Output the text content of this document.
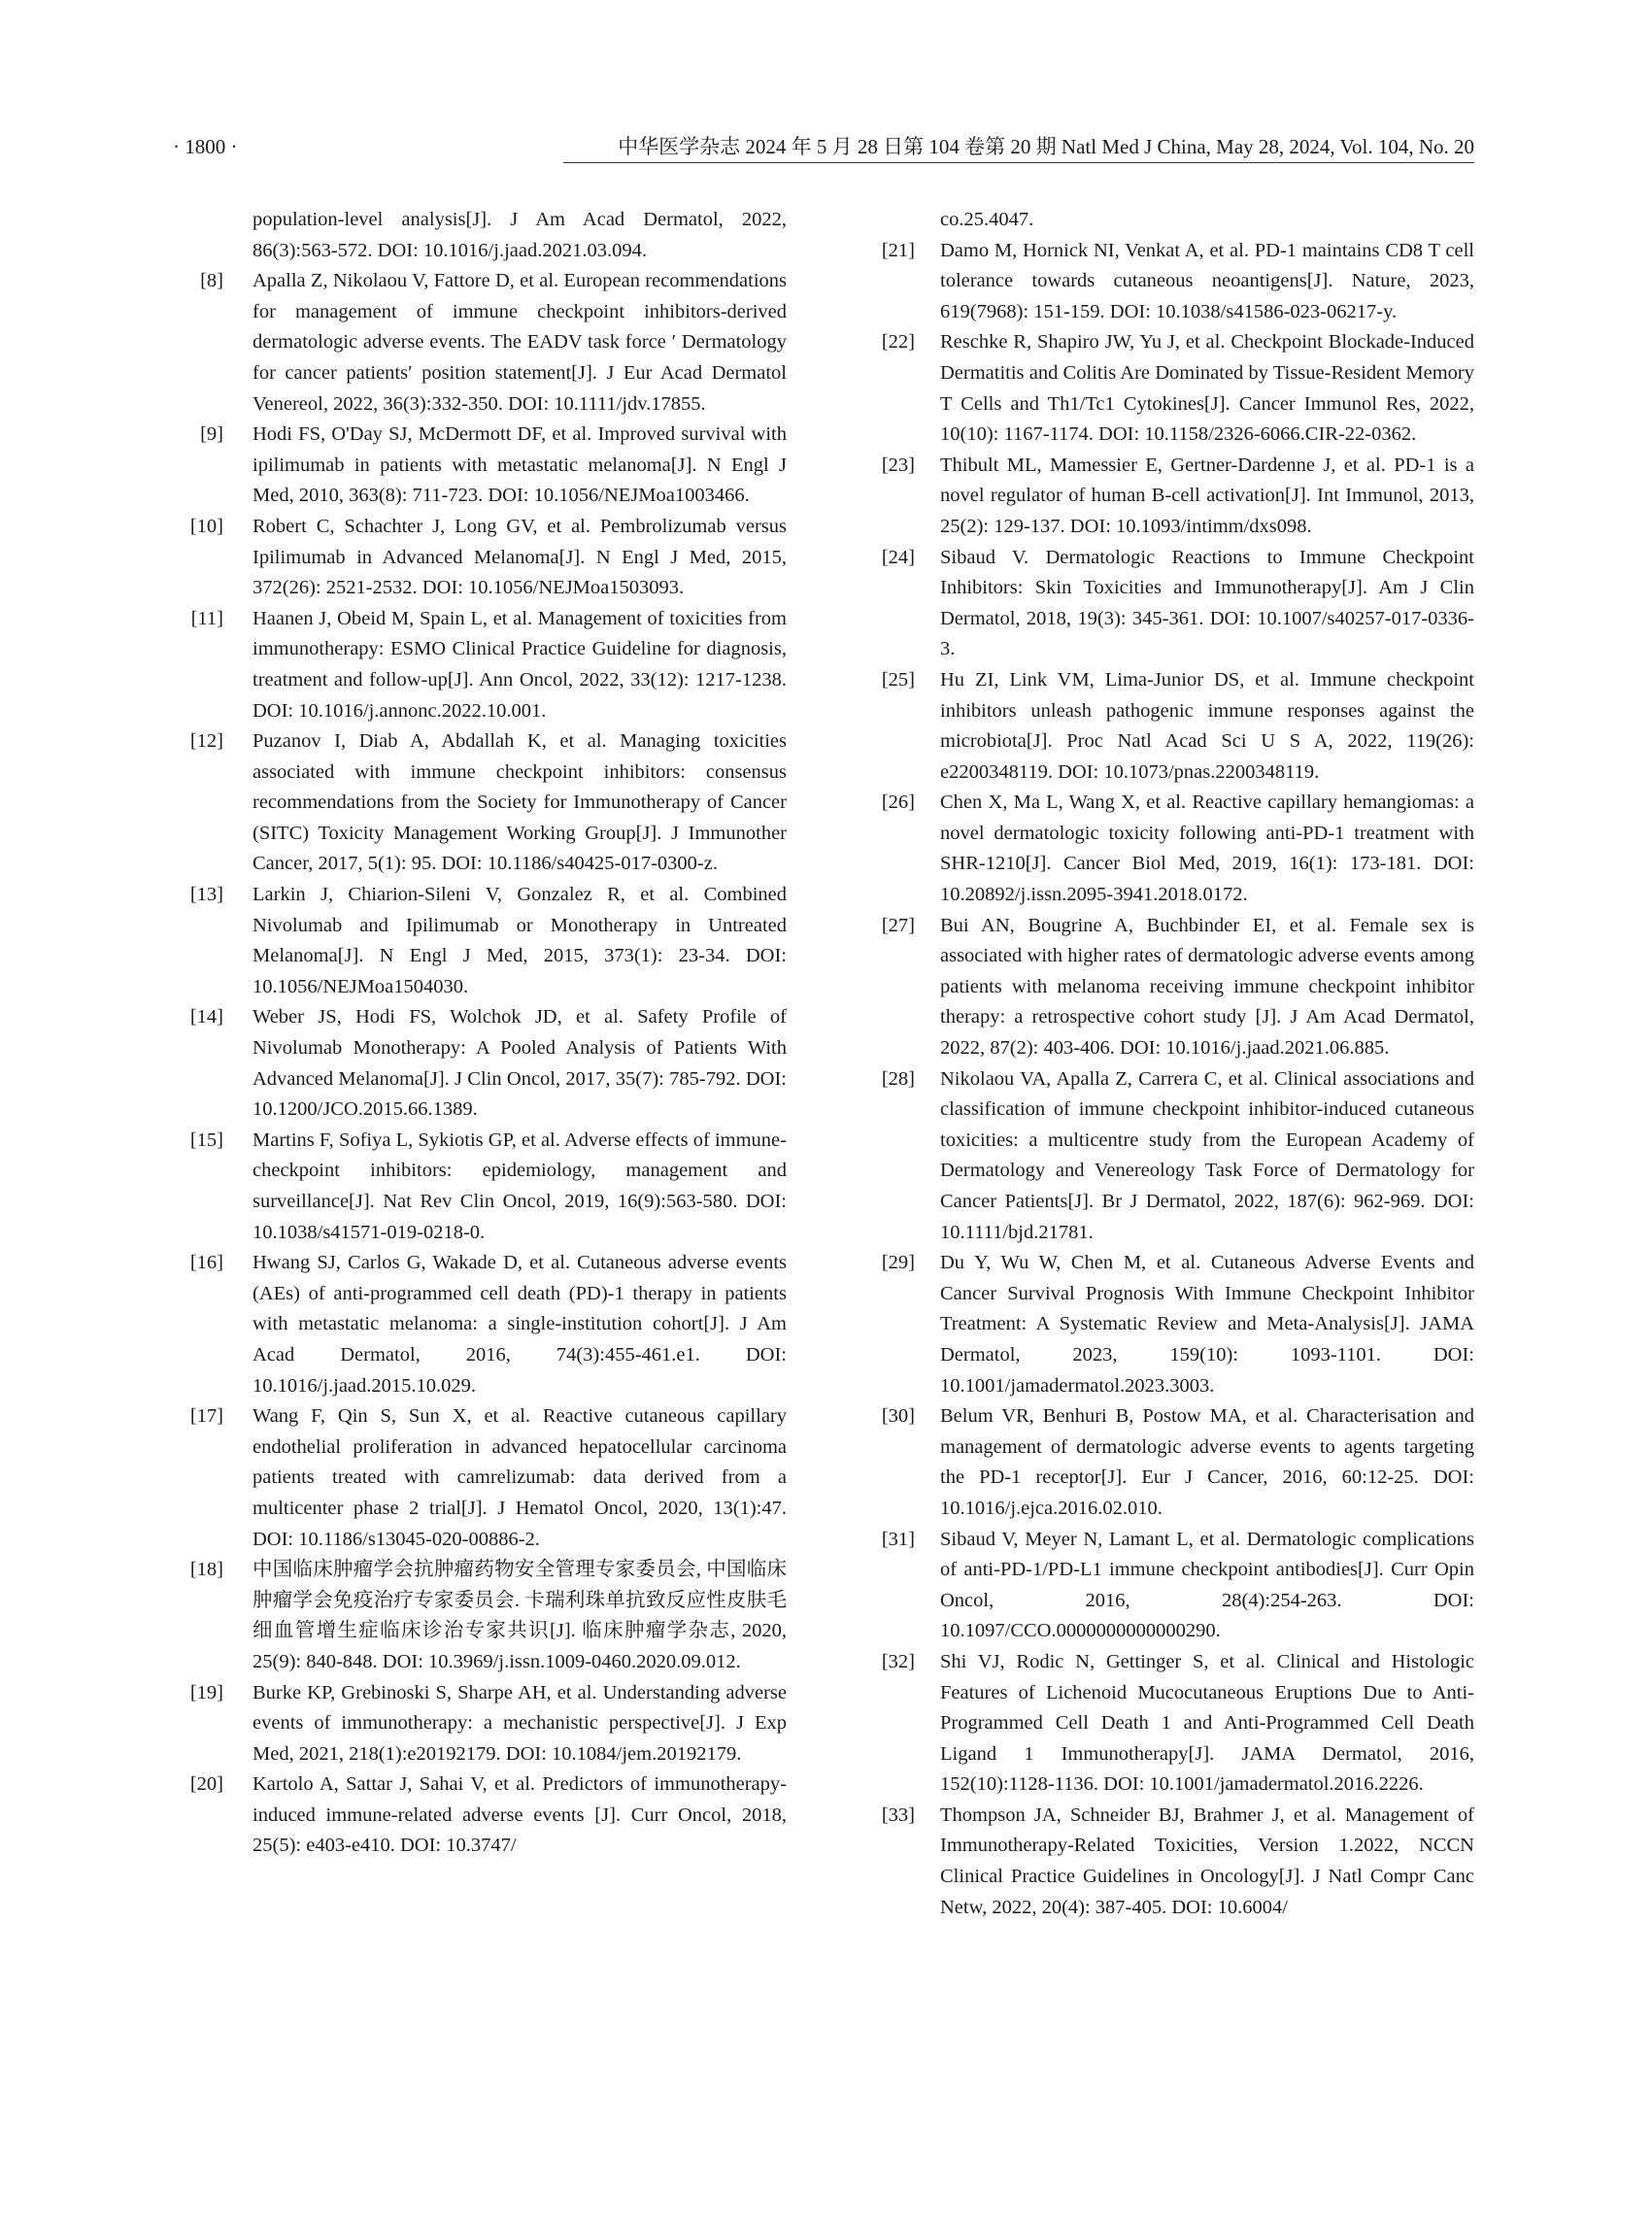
· 1800 ·	中华医学杂志 2024 年 5 月 28 日第 104 卷第 20 期 Natl Med J China, May 28, 2024, Vol. 104, No. 20

population-level analysis[J]. J Am Acad Dermatol, 2022, 86(3):563-572. DOI: 10.1016/j.jaad.2021.03.094.

[8]	Apalla Z, Nikolaou V, Fattore D, et al. European recommendations for management of immune checkpoint inhibitors-derived dermatologic adverse events. The EADV task force ′ Dermatology for cancer patients′ position statement[J]. J Eur Acad Dermatol Venereol, 2022, 36(3):332-350. DOI: 10.1111/jdv.17855.
[9]	Hodi FS, O'Day SJ, McDermott DF, et al. Improved survival with ipilimumab in patients with metastatic melanoma[J]. N Engl J Med, 2010, 363(8): 711-723. DOI: 10.1056/NEJMoa1003466.
[10]	Robert C, Schachter J, Long GV, et al. Pembrolizumab versus Ipilimumab in Advanced Melanoma[J]. N Engl J Med, 2015, 372(26): 2521-2532. DOI: 10.1056/NEJMoa1503093.
[11]	Haanen J, Obeid M, Spain L, et al. Management of toxicities from immunotherapy: ESMO Clinical Practice Guideline for diagnosis, treatment and follow-up[J]. Ann Oncol, 2022, 33(12): 1217-1238. DOI: 10.1016/j.annonc.2022.10.001.
[12]	Puzanov I, Diab A, Abdallah K, et al. Managing toxicities associated with immune checkpoint inhibitors: consensus recommendations from the Society for Immunotherapy of Cancer (SITC) Toxicity Management Working Group[J]. J Immunother Cancer, 2017, 5(1): 95. DOI: 10.1186/s40425-017-0300-z.
[13]	Larkin J, Chiarion-Sileni V, Gonzalez R, et al. Combined Nivolumab and Ipilimumab or Monotherapy in Untreated Melanoma[J]. N Engl J Med, 2015, 373(1): 23-34. DOI: 10.1056/NEJMoa1504030.
[14]	Weber JS, Hodi FS, Wolchok JD, et al. Safety Profile of Nivolumab Monotherapy: A Pooled Analysis of Patients With Advanced Melanoma[J]. J Clin Oncol, 2017, 35(7): 785-792. DOI: 10.1200/JCO.2015.66.1389.
[15]	Martins F, Sofiya L, Sykiotis GP, et al. Adverse effects of immune-checkpoint inhibitors: epidemiology, management and surveillance[J]. Nat Rev Clin Oncol, 2019, 16(9):563-580. DOI: 10.1038/s41571-019-0218-0.
[16]	Hwang SJ, Carlos G, Wakade D, et al. Cutaneous adverse events (AEs) of anti-programmed cell death (PD)-1 therapy in patients with metastatic melanoma: a single-institution cohort[J]. J Am Acad Dermatol, 2016, 74(3):455-461.e1. DOI: 10.1016/j.jaad.2015.10.029.
[17]	Wang F, Qin S, Sun X, et al. Reactive cutaneous capillary endothelial proliferation in advanced hepatocellular carcinoma patients treated with camrelizumab: data derived from a multicenter phase 2 trial[J]. J Hematol Oncol, 2020, 13(1):47. DOI: 10.1186/s13045-020-00886-2.
[18]	中国临床肿瘤学会抗肿瘤药物安全管理专家委员会, 中国临床肿瘤学会免疫治疗专家委员会. 卡瑞利珠单抗致反应性皮肤毛细血管增生症临床诊治专家共识[J]. 临床肿瘤学杂志, 2020, 25(9): 840-848. DOI: 10.3969/j.issn.1009-0460.2020.09.012.
[19]	Burke KP, Grebinoski S, Sharpe AH, et al. Understanding adverse events of immunotherapy: a mechanistic perspective[J]. J Exp Med, 2021, 218(1):e20192179. DOI: 10.1084/jem.20192179.
[20]	Kartolo A, Sattar J, Sahai V, et al. Predictors of immunotherapy-induced immune-related adverse events [J]. Curr Oncol, 2018, 25(5): e403-e410. DOI: 10.3747/

co.25.4047.

[21]	Damo M, Hornick NI, Venkat A, et al. PD-1 maintains CD8 T cell tolerance towards cutaneous neoantigens[J]. Nature, 2023, 619(7968): 151-159. DOI: 10.1038/s41586-023-06217-y.
[22]	Reschke R, Shapiro JW, Yu J, et al. Checkpoint Blockade-Induced Dermatitis and Colitis Are Dominated by Tissue-Resident Memory T Cells and Th1/Tc1 Cytokines[J]. Cancer Immunol Res, 2022, 10(10): 1167-1174. DOI: 10.1158/2326-6066.CIR-22-0362.
[23]	Thibult ML, Mamessier E, Gertner-Dardenne J, et al. PD-1 is a novel regulator of human B-cell activation[J]. Int Immunol, 2013, 25(2): 129-137. DOI: 10.1093/intimm/dxs098.
[24]	Sibaud V. Dermatologic Reactions to Immune Checkpoint Inhibitors: Skin Toxicities and Immunotherapy[J]. Am J Clin Dermatol, 2018, 19(3): 345-361. DOI: 10.1007/s40257-017-0336-3.
[25]	Hu ZI, Link VM, Lima-Junior DS, et al. Immune checkpoint inhibitors unleash pathogenic immune responses against the microbiota[J]. Proc Natl Acad Sci U S A, 2022, 119(26): e2200348119. DOI: 10.1073/pnas.2200348119.
[26]	Chen X, Ma L, Wang X, et al. Reactive capillary hemangiomas: a novel dermatologic toxicity following anti-PD-1 treatment with SHR-1210[J]. Cancer Biol Med, 2019, 16(1): 173-181. DOI: 10.20892/j.issn.2095-3941.2018.0172.
[27]	Bui AN, Bougrine A, Buchbinder EI, et al. Female sex is associated with higher rates of dermatologic adverse events among patients with melanoma receiving immune checkpoint inhibitor therapy: a retrospective cohort study [J]. J Am Acad Dermatol, 2022, 87(2): 403-406. DOI: 10.1016/j.jaad.2021.06.885.
[28]	Nikolaou VA, Apalla Z, Carrera C, et al. Clinical associations and classification of immune checkpoint inhibitor-induced cutaneous toxicities: a multicentre study from the European Academy of Dermatology and Venereology Task Force of Dermatology for Cancer Patients[J]. Br J Dermatol, 2022, 187(6): 962-969. DOI: 10.1111/bjd.21781.
[29]	Du Y, Wu W, Chen M, et al. Cutaneous Adverse Events and Cancer Survival Prognosis With Immune Checkpoint Inhibitor Treatment: A Systematic Review and Meta-Analysis[J]. JAMA Dermatol, 2023, 159(10): 1093-1101. DOI: 10.1001/jamadermatol.2023.3003.
[30]	Belum VR, Benhuri B, Postow MA, et al. Characterisation and management of dermatologic adverse events to agents targeting the PD-1 receptor[J]. Eur J Cancer, 2016, 60:12-25. DOI: 10.1016/j.ejca.2016.02.010.
[31]	Sibaud V, Meyer N, Lamant L, et al. Dermatologic complications of anti-PD-1/PD-L1 immune checkpoint antibodies[J]. Curr Opin Oncol, 2016, 28(4):254-263. DOI: 10.1097/CCO.0000000000000290.
[32]	Shi VJ, Rodic N, Gettinger S, et al. Clinical and Histologic Features of Lichenoid Mucocutaneous Eruptions Due to Anti-Programmed Cell Death 1 and Anti-Programmed Cell Death Ligand 1 Immunotherapy[J]. JAMA Dermatol, 2016, 152(10):1128-1136. DOI: 10.1001/jamadermatol.2016.2226.
[33]	Thompson JA, Schneider BJ, Brahmer J, et al. Management of Immunotherapy-Related Toxicities, Version 1.2022, NCCN Clinical Practice Guidelines in Oncology[J]. J Natl Compr Canc Netw, 2022, 20(4): 387-405. DOI: 10.6004/
